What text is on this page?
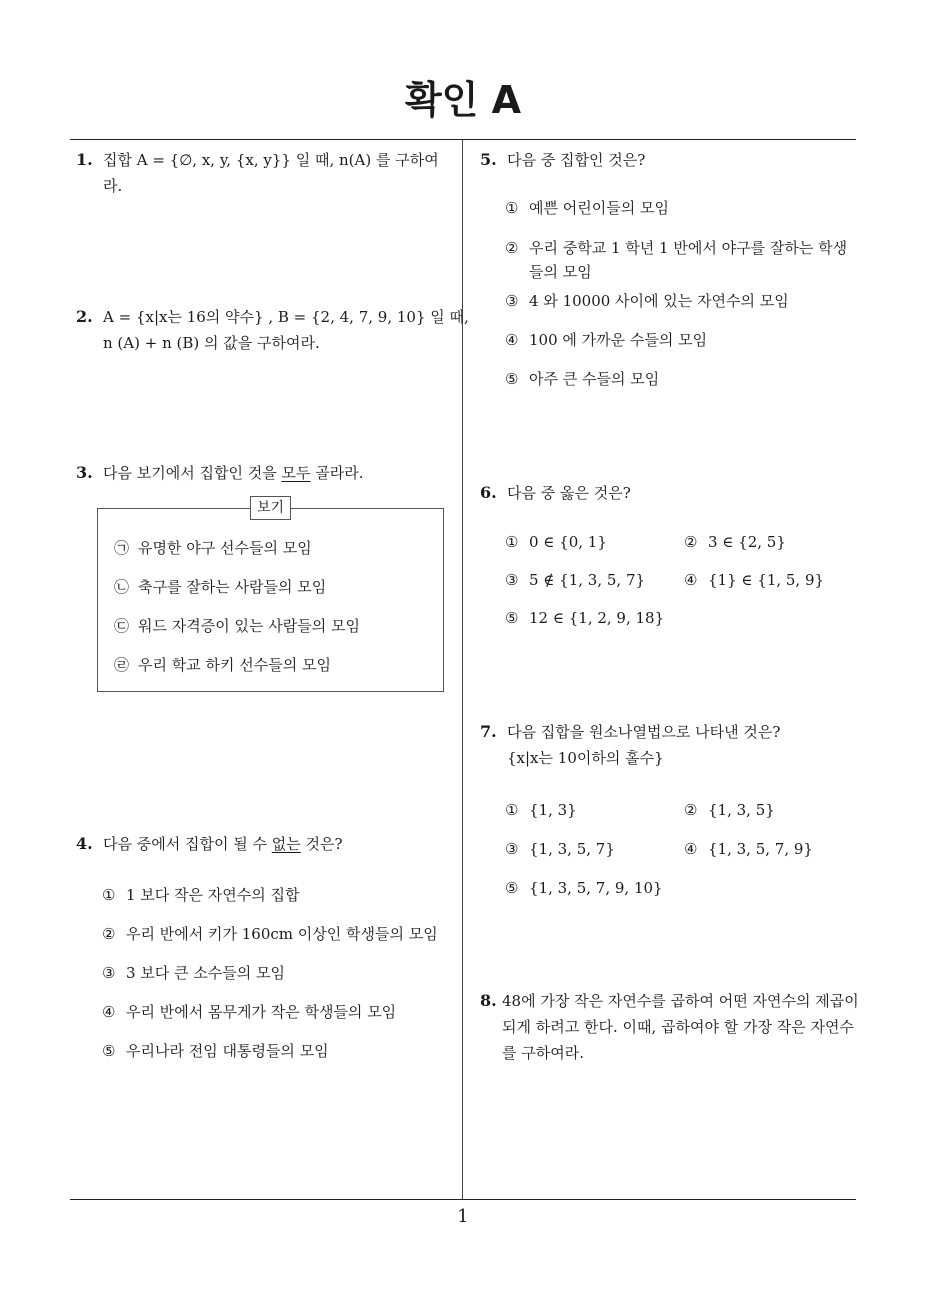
확인 A
1
1. 집합 A = {∅, x, y, {x, y}} 일 때, n(A) 를 구하여
라.
2. A = {x|x는 16의 약수} , B = {2, 4, 7, 9, 10} 일 때,
n (A) + n (B) 의 값을 구하여라.
3. 다음 보기에서 집합인 것을 모두 골라라.
보기
㉠ 유명한 야구 선수들의 모임
㉡ 축구를 잘하는 사람들의 모임
㉢ 워드 자격증이 있는 사람들의 모임
㉣ 우리 학교 하키 선수들의 모임
4. 다음 중에서 집합이 될 수 없는 것은?
① 1 보다 작은 자연수의 집합
② 우리 반에서 키가 160cm 이상인 학생들의 모임
③ 3 보다 큰 소수들의 모임
④ 우리 반에서 몸무게가 작은 학생들의 모임
⑤ 우리나라 전임 대통령들의 모임
5. 다음 중 집합인 것은?
① 예쁜 어린이들의 모임
② 우리 중학교 1 학년 1 반에서 야구를 잘하는 학생
들의 모임
③ 4 와 10000 사이에 있는 자연수의 모임
④ 100 에 가까운 수들의 모임
⑤ 아주 큰 수들의 모임
6. 다음 중 옳은 것은?
① 0 ∈ {0, 1}	② 3 ∈ {2, 5}
③ 5 ∉ {1, 3, 5, 7}	④ {1} ∈ {1, 5, 9}
⑤ 12 ∈ {1, 2, 9, 18}
7. 다음 집합을 원소나열법으로 나타낸 것은?
{x|x는 10이하의 홀수}
① {1, 3}	② {1, 3, 5}
③ {1, 3, 5, 7}	④ {1, 3, 5, 7, 9}
⑤ {1, 3, 5, 7, 9, 10}
8. 48에 가장 작은 자연수를 곱하여 어떤 자연수의 제곱이
되게 하려고 한다. 이때, 곱하여야 할 가장 작은 자연수
를 구하여라.
